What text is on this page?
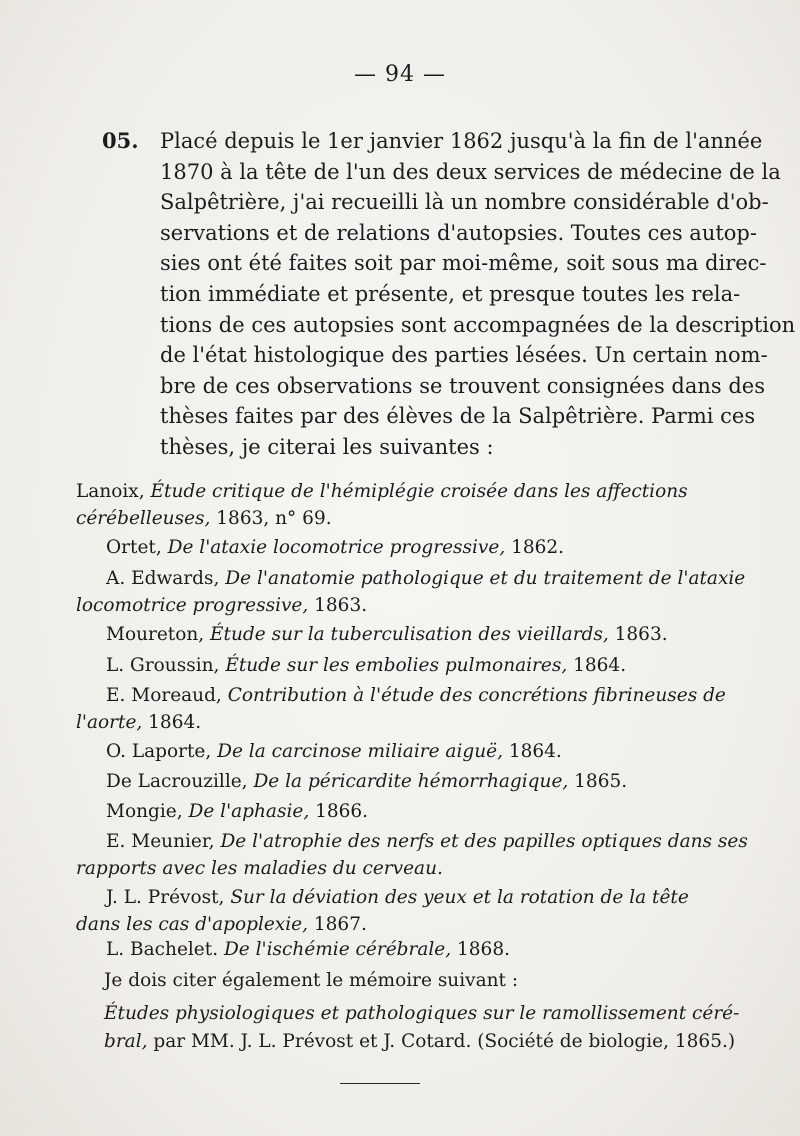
— 94 —
05. Placé depuis le 1er janvier 1862 jusqu'à la fin de l'année
1870 à la tête de l'un des deux services de médecine de la
Salpêtrière, j'ai recueilli là un nombre considérable d'ob-
servations et de relations d'autopsies. Toutes ces autop-
sies ont été faites soit par moi-même, soit sous ma direc-
tion immédiate et présente, et presque toutes les rela-
tions de ces autopsies sont accompagnées de la description
de l'état histologique des parties lésées. Un certain nom-
bre de ces observations se trouvent consignées dans des
thèses faites par des élèves de la Salpêtrière. Parmi ces
thèses, je citerai les suivantes :
Lanoix, Étude critique de l'hémiplégie croisée dans les affections
cérébelleuses, 1863, n° 69.
Ortet, De l'ataxie locomotrice progressive, 1862.
A. Edwards, De l'anatomie pathologique et du traitement de l'ataxie
locomotrice progressive, 1863.
Moureton, Étude sur la tuberculisation des vieillards, 1863.
L. Groussin, Étude sur les embolies pulmonaires, 1864.
E. Moreaud, Contribution à l'étude des concrétions fibrineuses de
l'aorte, 1864.
O. Laporte, De la carcinose miliaire aiguë, 1864.
De Lacrouzille, De la péricardite hémorrhagique, 1865.
Mongie, De l'aphasie, 1866.
E. Meunier, De l'atrophie des nerfs et des papilles optiques dans ses
rapports avec les maladies du cerveau.
J. L. Prévost, Sur la déviation des yeux et la rotation de la tête
dans les cas d'apoplexie, 1867.
L. Bachelet. De l'ischémie cérébrale, 1868.
Je dois citer également le mémoire suivant :
Études physiologiques et pathologiques sur le ramollissement céré-
bral, par MM. J. L. Prévost et J. Cotard. (Société de biologie, 1865.)
